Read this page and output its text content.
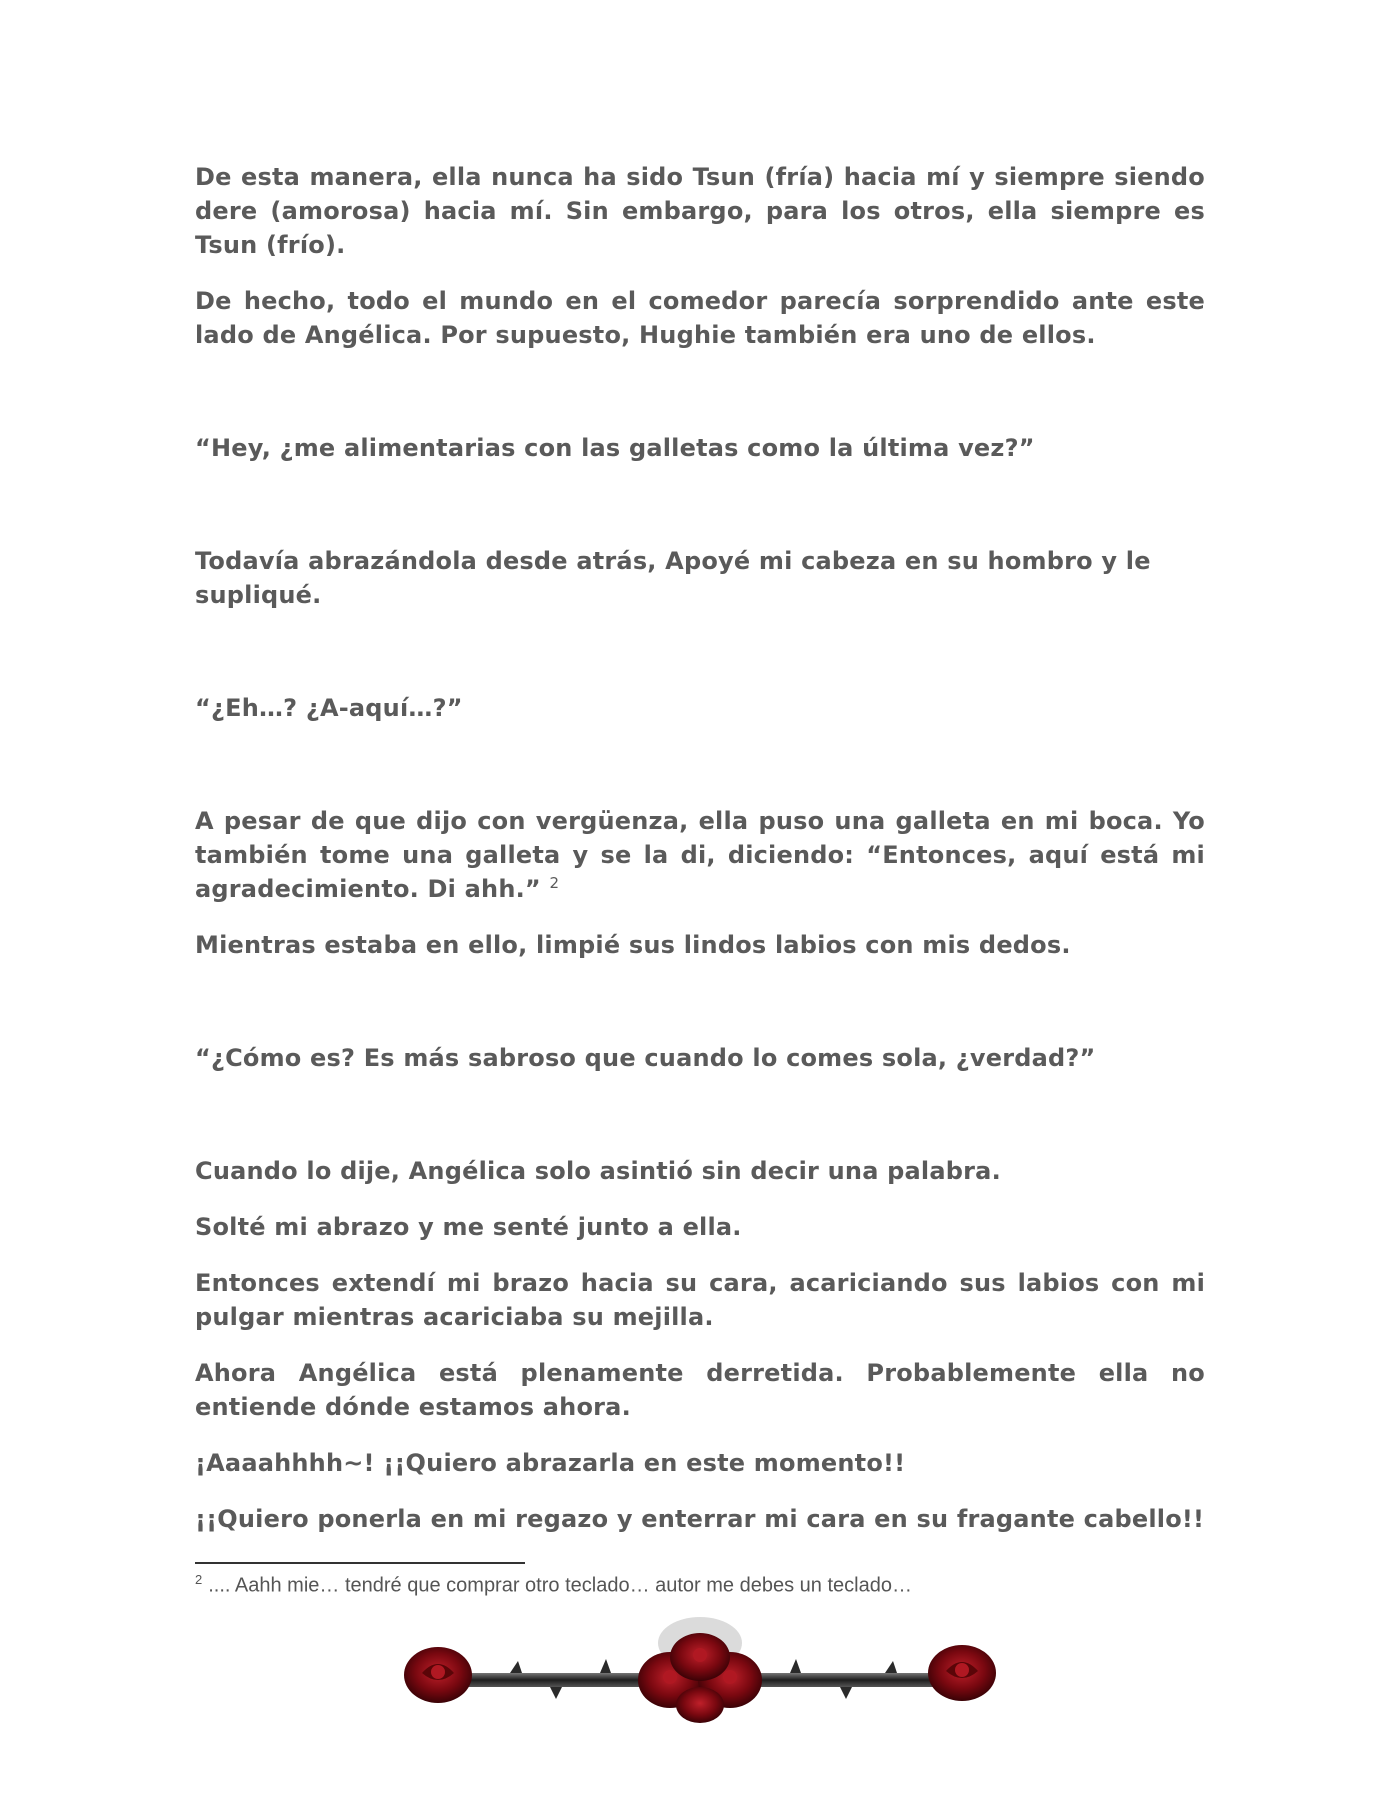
De esta manera, ella nunca ha sido Tsun (fría) hacia mí y siempre siendo dere (amorosa) hacia mí. Sin embargo, para los otros, ella siempre es Tsun (frío).

De hecho, todo el mundo en el comedor parecía sorprendido ante este lado de Angélica. Por supuesto, Hughie también era uno de ellos.

“Hey, ¿me alimentarias con las galletas como la última vez?”

Todavía abrazándola desde atrás, Apoyé mi cabeza en su hombro y le supliqué.

“¿Eh…? ¿A-aquí…?”

A pesar de que dijo con vergüenza, ella puso una galleta en mi boca. Yo también tome una galleta y se la di, diciendo: “Entonces, aquí está mi agradecimiento. Di ahh.” $^2$

Mientras estaba en ello, limpié sus lindos labios con mis dedos.

“¿Cómo es? Es más sabroso que cuando lo comes sola, ¿verdad?”

Cuando lo dije, Angélica solo asintió sin decir una palabra.

Solté mi abrazo y me senté junto a ella.

Entonces extendí mi brazo hacia su cara, acariciando sus labios con mi pulgar mientras acariciaba su mejilla.

Ahora Angélica está plenamente derretida. Probablemente ella no entiende dónde estamos ahora.

¡Aaaahhhh~! ¡¡Quiero abrazarla en este momento!!

¡¡Quiero ponerla en mi regazo y enterrar mi cara en su fragante cabello!!

$^2$ .... Aahh mie… tendré que comprar otro teclado… autor me debes un teclado…
